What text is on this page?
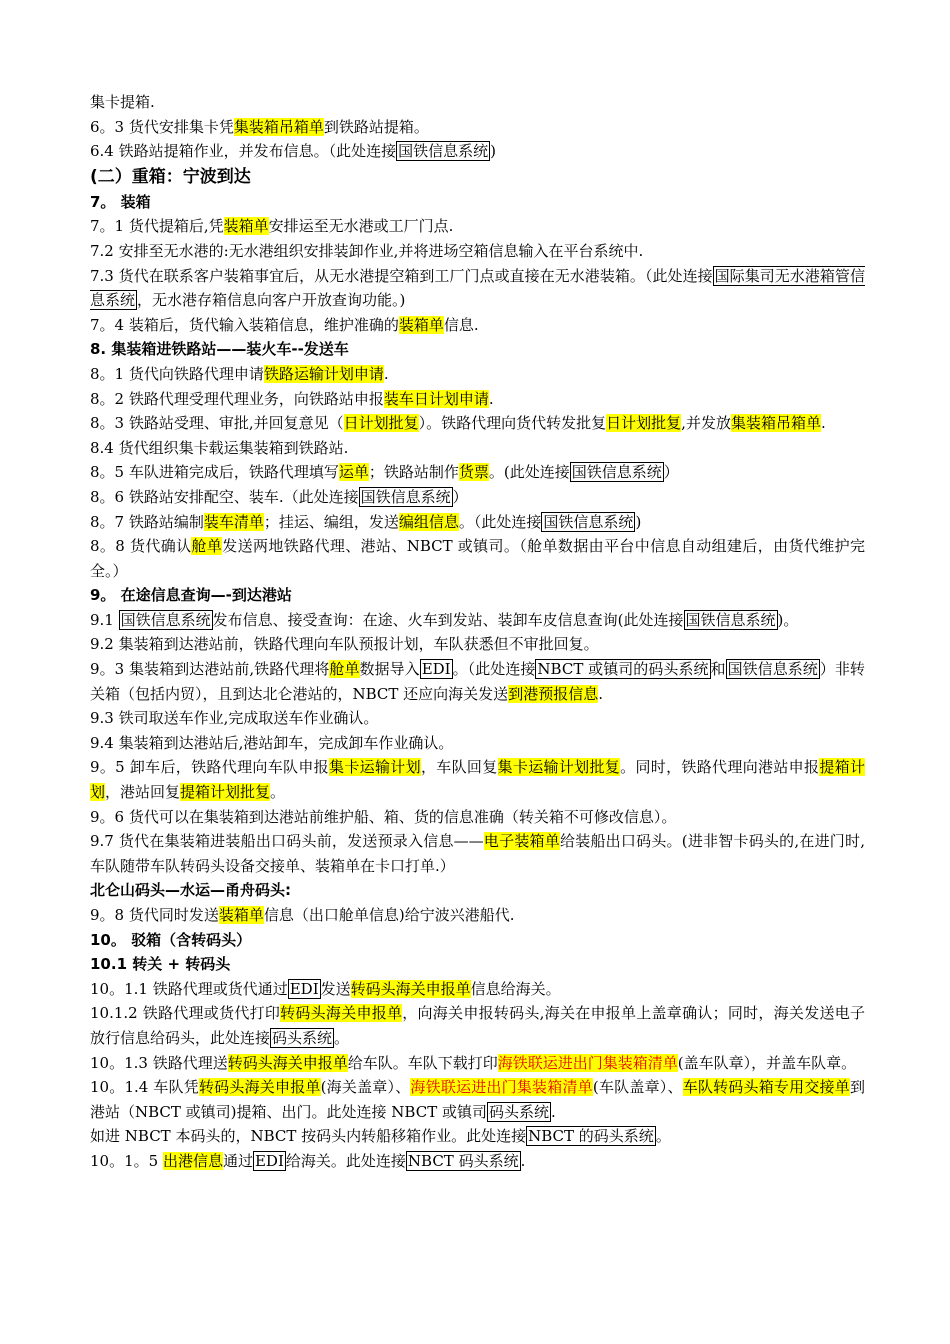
集卡提箱.

6。3 货代安排集卡凭集装箱吊箱单到铁路站提箱。

6.4 铁路站提箱作业，并发布信息。（此处连接 国铁信息系统 )

(二）重箱：宁波到达

7。 装箱

7。1 货代提箱后,凭装箱单安排运至无水港或工厂门点.

7.2 安排至无水港的:无水港组织安排装卸作业,并将进场空箱信息输入在平台系统中.

7.3 货代在联系客户装箱事宜后，从无水港提空箱到工厂门点或直接在无水港装箱。（此处连接 国际集司无水港箱管信息系统 ，无水港存箱信息向客户开放查询功能。)

7。4 装箱后，货代输入装箱信息，维护准确的装箱单信息.

8. 集装箱进铁路站——装火车--发送车

8。1 货代向铁路代理申请铁路运输计划申请.

8。2 铁路代理受理代理业务，向铁路站申报装车日计划申请.

8。3 铁路站受理、审批,并回复意见（日计划批复）。铁路代理向货代转发批复日计划批复,并发放集装箱吊箱单.

8.4 货代组织集卡载运集装箱到铁路站.

8。5 车队进箱完成后，铁路代理填写运单；铁路站制作货票。(此处连接 国铁信息系统 ）

8。6 铁路站安排配空、装车.（此处连接 国铁信息系统 ）

8。7 铁路站编制装车清单；挂运、编组，发送编组信息。（此处连接 国铁信息系统 )

8。8 货代确认舱单发送两地铁路代理、港站、NBCT 或镇司。（舱单数据由平台中信息自动组建后，由货代维护完全。）

9。 在途信息查询—-到达港站

9.1 国铁信息系统 发布信息、接受查询：在途、火车到发站、装卸车皮信息查询(此处连接 国铁信息系统 )。

9.2 集装箱到达港站前，铁路代理向车队预报计划，车队获悉但不审批回复。

9。3 集装箱到达港站前,铁路代理将舱单数据导入 EDI 。（此处连接 NBCT 或镇司的码头系统 和 国铁信息系统 ）非转关箱（包括内贸），且到达北仑港站的，NBCT 还应向海关发送到港预报信息.

9.3 铁司取送车作业,完成取送车作业确认。

9.4 集装箱到达港站后,港站卸车，完成卸车作业确认。

9。5 卸车后，铁路代理向车队申报集卡运输计划，车队回复集卡运输计划批复。同时，铁路代理向港站申报提箱计划，港站回复提箱计划批复。

9。6 货代可以在集装箱到达港站前维护船、箱、货的信息准确（转关箱不可修改信息）。

9.7 货代在集装箱进装船出口码头前，发送预录入信息——电子装箱单给装船出口码头。(进非智卡码头的,在进门时,车队随带车队转码头设备交接单、装箱单在卡口打单.）

北仑山码头—水运—甬舟码头:

9。8 货代同时发送装箱单信息（出口舱单信息)给宁波兴港船代.

10。 驳箱（含转码头）

10.1 转关 + 转码头

10。1.1 铁路代理或货代通过 EDI 发送转码头海关申报单信息给海关。

10.1.2 铁路代理或货代打印转码头海关申报单，向海关申报转码头,海关在申报单上盖章确认；同时，海关发送电子放行信息给码头，此处连接 码头系统 。

10。1.3 铁路代理送转码头海关申报单给车队。车队下载打印海铁联运进出门集装箱清单(盖车队章），并盖车队章。

10。1.4 车队凭转码头海关申报单(海关盖章）、海铁联运进出门集装箱清单(车队盖章）、车队转码头箱专用交接单到港站（NBCT 或镇司)提箱、出门。此处连接 NBCT 或镇司 码头系统 .

如进 NBCT 本码头的，NBCT 按码头内转船移箱作业。此处连接 NBCT 的码头系统 。

10。1。5 出港信息通过 EDI 给海关。此处连接 NBCT 码头系统 .
